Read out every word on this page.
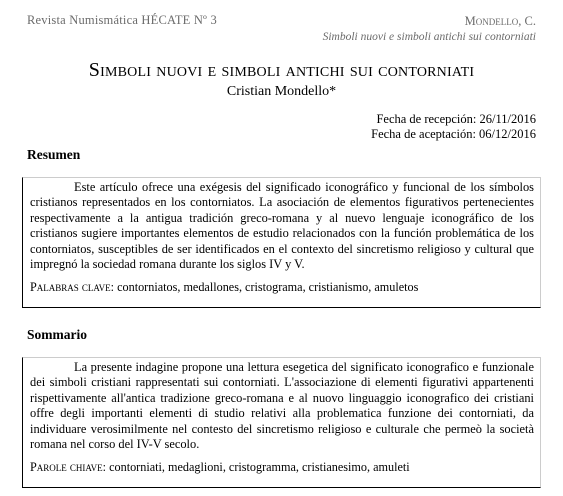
Revista Numismática HÉCATE Nº 3	Mondello, C.
Simboli nuovi e simboli antichi sui contorniati
Simboli nuovi e simboli antichi sui contorniati
Cristian Mondello*
Fecha de recepción: 26/11/2016
Fecha de aceptación: 06/12/2016
Resumen

Este artículo ofrece una exégesis del significado iconográfico y funcional de los símbolos cristianos representados en los contorniatos. La asociación de elementos figurativos pertenecientes respectivamente a la antigua tradición greco-romana y al nuevo lenguaje iconográfico de los cristianos sugiere importantes elementos de estudio relacionados con la función problemática de los contorniatos, susceptibles de ser identificados en el contexto del sincretismo religioso y cultural que impregnó la sociedad romana durante los siglos IV y V.

Palabras clave: contorniatos, medallones, cristograma, cristianismo, amuletos
Sommario

La presente indagine propone una lettura esegetica del significato iconografico e funzionale dei simboli cristiani rappresentati sui contorniati. L'associazione di elementi figurativi appartenenti rispettivamente all'antica tradizione greco-romana e al nuovo linguaggio iconografico dei cristiani offre degli importanti elementi di studio relativi alla problematica funzione dei contorniati, da individuare verosimilmente nel contesto del sincretismo religioso e culturale che permeò la società romana nel corso del IV-V secolo.

Parole chiave: contorniati, medaglioni, cristogramma, cristianesimo, amuleti
